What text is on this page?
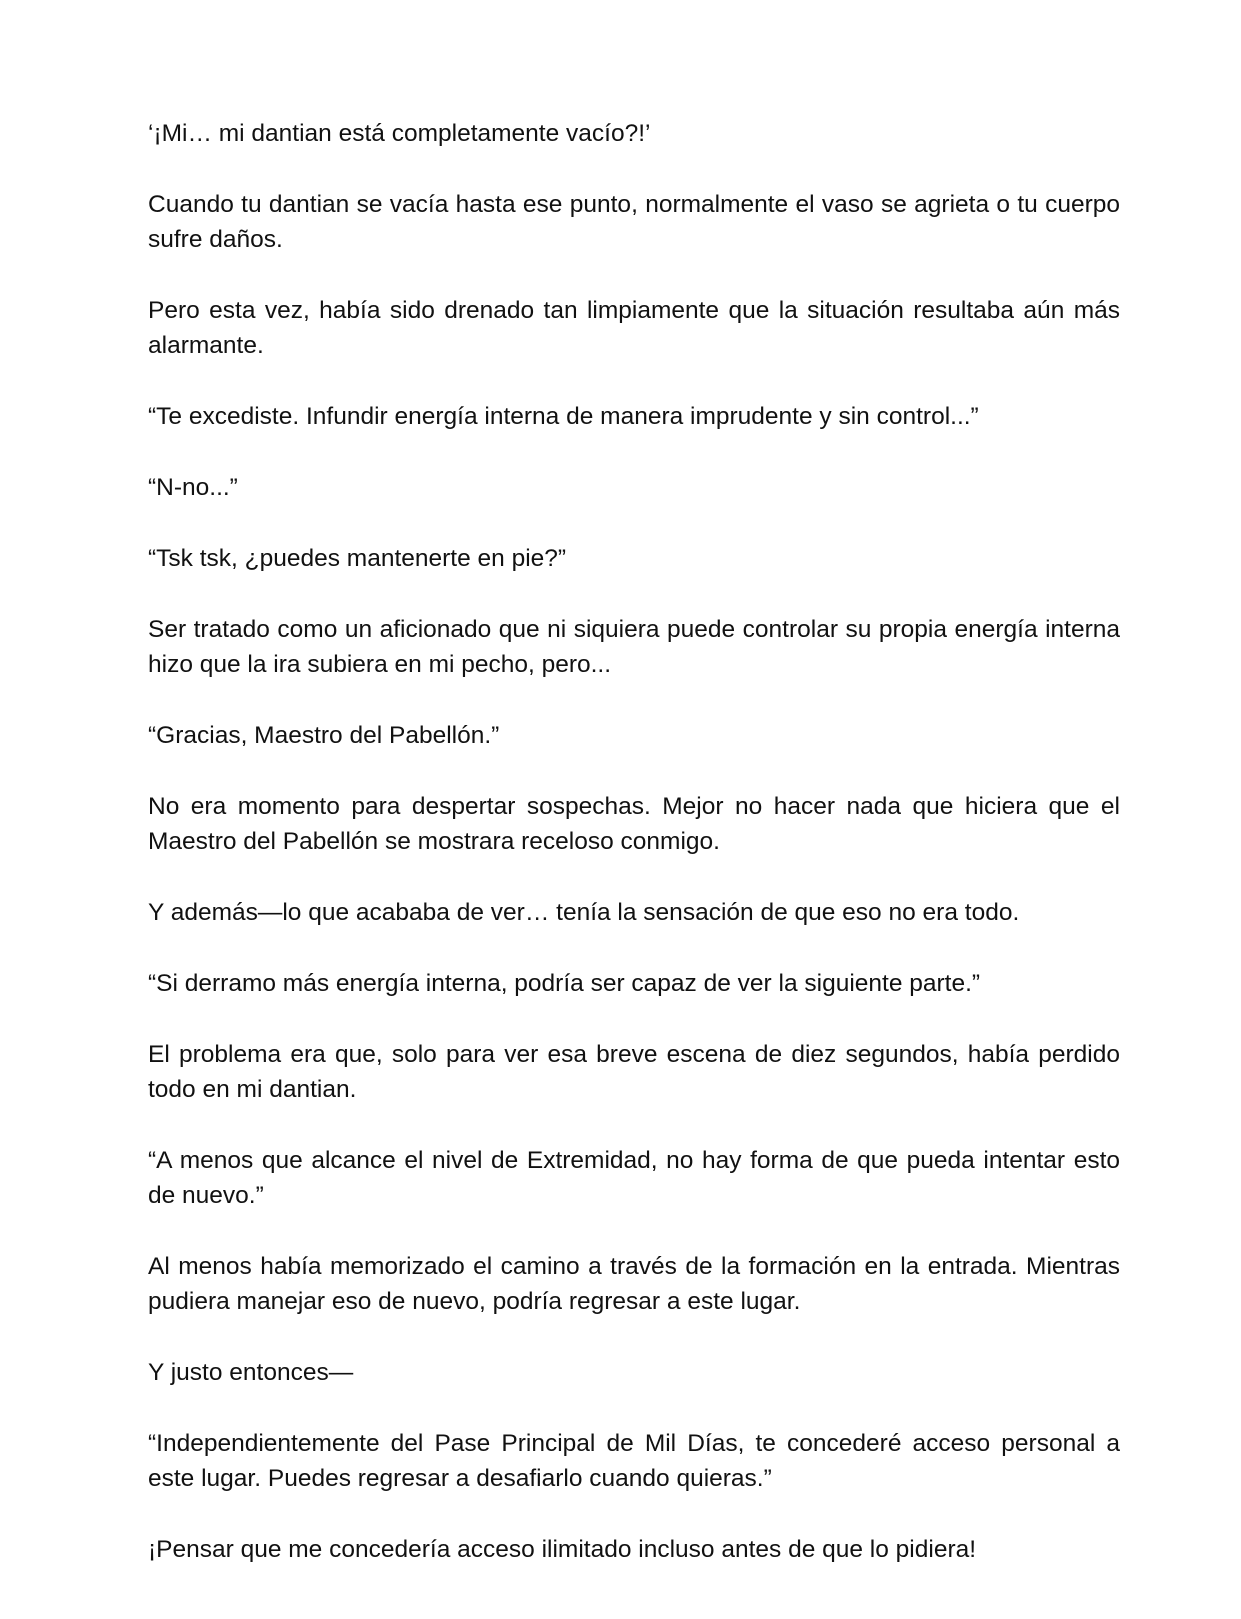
‘¡Mi… mi dantian está completamente vacío?!’

Cuando tu dantian se vacía hasta ese punto, normalmente el vaso se agrieta o tu cuerpo sufre daños.

Pero esta vez, había sido drenado tan limpiamente que la situación resultaba aún más alarmante.

“Te excediste. Infundir energía interna de manera imprudente y sin control...”

“N-no...”

“Tsk tsk, ¿puedes mantenerte en pie?”

Ser tratado como un aficionado que ni siquiera puede controlar su propia energía interna hizo que la ira subiera en mi pecho, pero...

“Gracias, Maestro del Pabellón.”

No era momento para despertar sospechas. Mejor no hacer nada que hiciera que el Maestro del Pabellón se mostrara receloso conmigo.

Y además—lo que acababa de ver… tenía la sensación de que eso no era todo.

“Si derramo más energía interna, podría ser capaz de ver la siguiente parte.”

El problema era que, solo para ver esa breve escena de diez segundos, había perdido todo en mi dantian.

“A menos que alcance el nivel de Extremidad, no hay forma de que pueda intentar esto de nuevo.”

Al menos había memorizado el camino a través de la formación en la entrada. Mientras pudiera manejar eso de nuevo, podría regresar a este lugar.

Y justo entonces—

“Independientemente del Pase Principal de Mil Días, te concederé acceso personal a este lugar. Puedes regresar a desafiarlo cuando quieras.”

¡Pensar que me concedería acceso ilimitado incluso antes de que lo pidiera!
